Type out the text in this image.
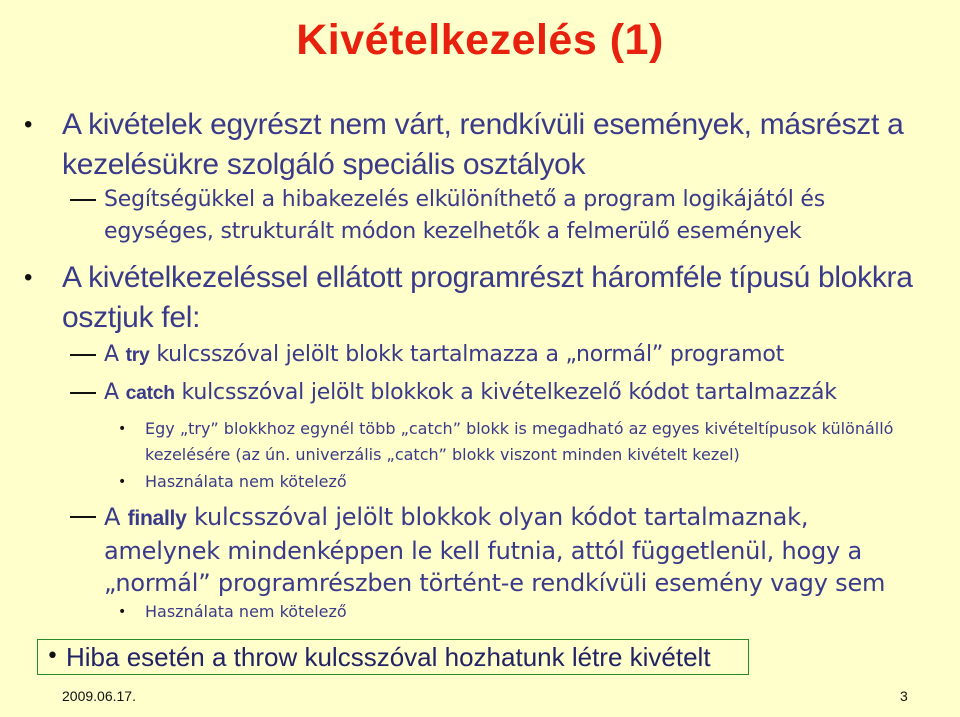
Kivételkezelés (1)
• A kivételek egyrészt nem várt, rendkívüli események, másrészt a kezelésükre szolgáló speciális osztályok
Segítségükkel a hibakezelés elkülöníthető a program logikájától és egységes, strukturált módon kezelhetők a felmerülő események
• A kivételkezeléssel ellátott programrészt háromféle típusú blokkra osztjuk fel:
A try kulcsszóval jelölt blokk tartalmazza a „normál” programot
A catch kulcsszóval jelölt blokkok a kivételkezelő kódot tartalmazzák
• Egy „try” blokkhoz egynél több „catch” blokk is megadható az egyes kivételtípusok különálló kezelésére (az ún. univerzális „catch” blokk viszont minden kivételt kezel)
• Használata nem kötelező
A finally kulcsszóval jelölt blokkok olyan kódot tartalmaznak, amelynek mindenképpen le kell futnia, attól függetlenül, hogy a „normál” programrészben történt-e rendkívüli esemény vagy sem
• Használata nem kötelező
• Hiba esetén a throw kulcsszóval hozhatunk létre kivételt
2009.06.17.	3
